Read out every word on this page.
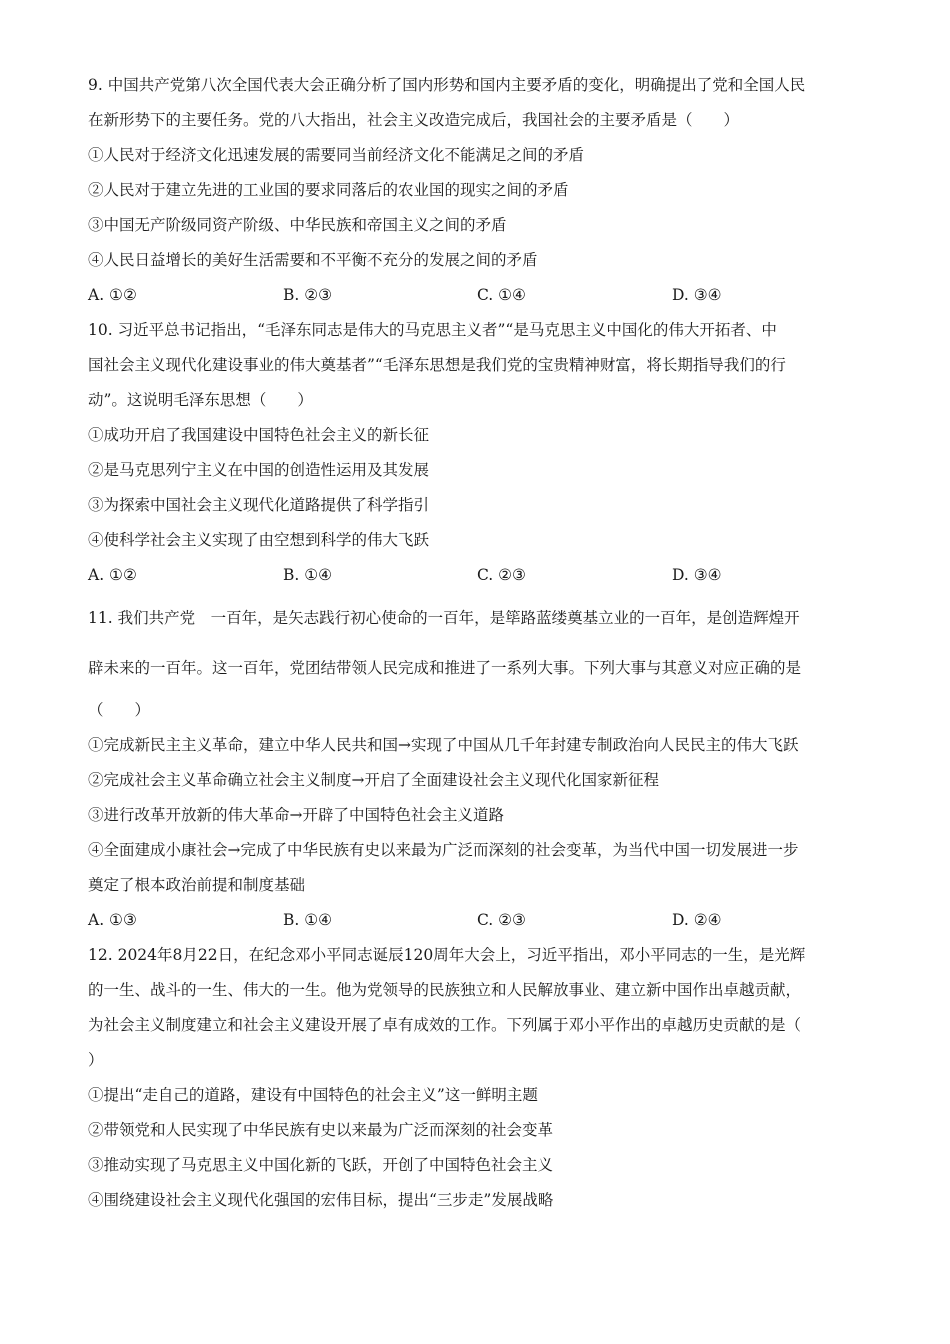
9. 中国共产党第八次全国代表大会正确分析了国内形势和国内主要矛盾的变化，明确提出了党和全国人民
在新形势下的主要任务。党的八大指出，社会主义改造完成后，我国社会的主要矛盾是（　　）
①人民对于经济文化迅速发展的需要同当前经济文化不能满足之间的矛盾
②人民对于建立先进的工业国的要求同落后的农业国的现实之间的矛盾
③中国无产阶级同资产阶级、中华民族和帝国主义之间的矛盾
④人民日益增长的美好生活需要和不平衡不充分的发展之间的矛盾
A. ①②	B. ②③	C. ①④	D. ③④
10. 习近平总书记指出，“毛泽东同志是伟大的马克思主义者”“是马克思主义中国化的伟大开拓者、中
国社会主义现代化建设事业的伟大奠基者”“毛泽东思想是我们党的宝贵精神财富，将长期指导我们的行
动”。这说明毛泽东思想（　　）
①成功开启了我国建设中国特色社会主义的新长征
②是马克思列宁主义在中国的创造性运用及其发展
③为探索中国社会主义现代化道路提供了科学指引
④使科学社会主义实现了由空想到科学的伟大飞跃
A. ①②	B. ①④	C. ②③	D. ③④
11. 我们共产党　一百年，是矢志践行初心使命的一百年，是筚路蓝缕奠基立业的一百年，是创造辉煌开
辟未来的一百年。这一百年，党团结带领人民完成和推进了一系列大事。下列大事与其意义对应正确的是
（　　）
①完成新民主主义革命，建立中华人民共和国→实现了中国从几千年封建专制政治向人民民主的伟大飞跃
②完成社会主义革命确立社会主义制度→开启了全面建设社会主义现代化国家新征程
③进行改革开放新的伟大革命→开辟了中国特色社会主义道路
④全面建成小康社会→完成了中华民族有史以来最为广泛而深刻的社会变革，为当代中国一切发展进一步
奠定了根本政治前提和制度基础
A. ①③	B. ①④	C. ②③	D. ②④
12. 2024年8月22日，在纪念邓小平同志诞辰120周年大会上，习近平指出，邓小平同志的一生，是光辉
的一生、战斗的一生、伟大的一生。他为党领导的民族独立和人民解放事业、建立新中国作出卓越贡献，
为社会主义制度建立和社会主义建设开展了卓有成效的工作。下列属于邓小平作出的卓越历史贡献的是（
）
①提出“走自己的道路，建设有中国特色的社会主义”这一鲜明主题
②带领党和人民实现了中华民族有史以来最为广泛而深刻的社会变革
③推动实现了马克思主义中国化新的飞跃，开创了中国特色社会主义
④围绕建设社会主义现代化强国的宏伟目标，提出“三步走”发展战略
